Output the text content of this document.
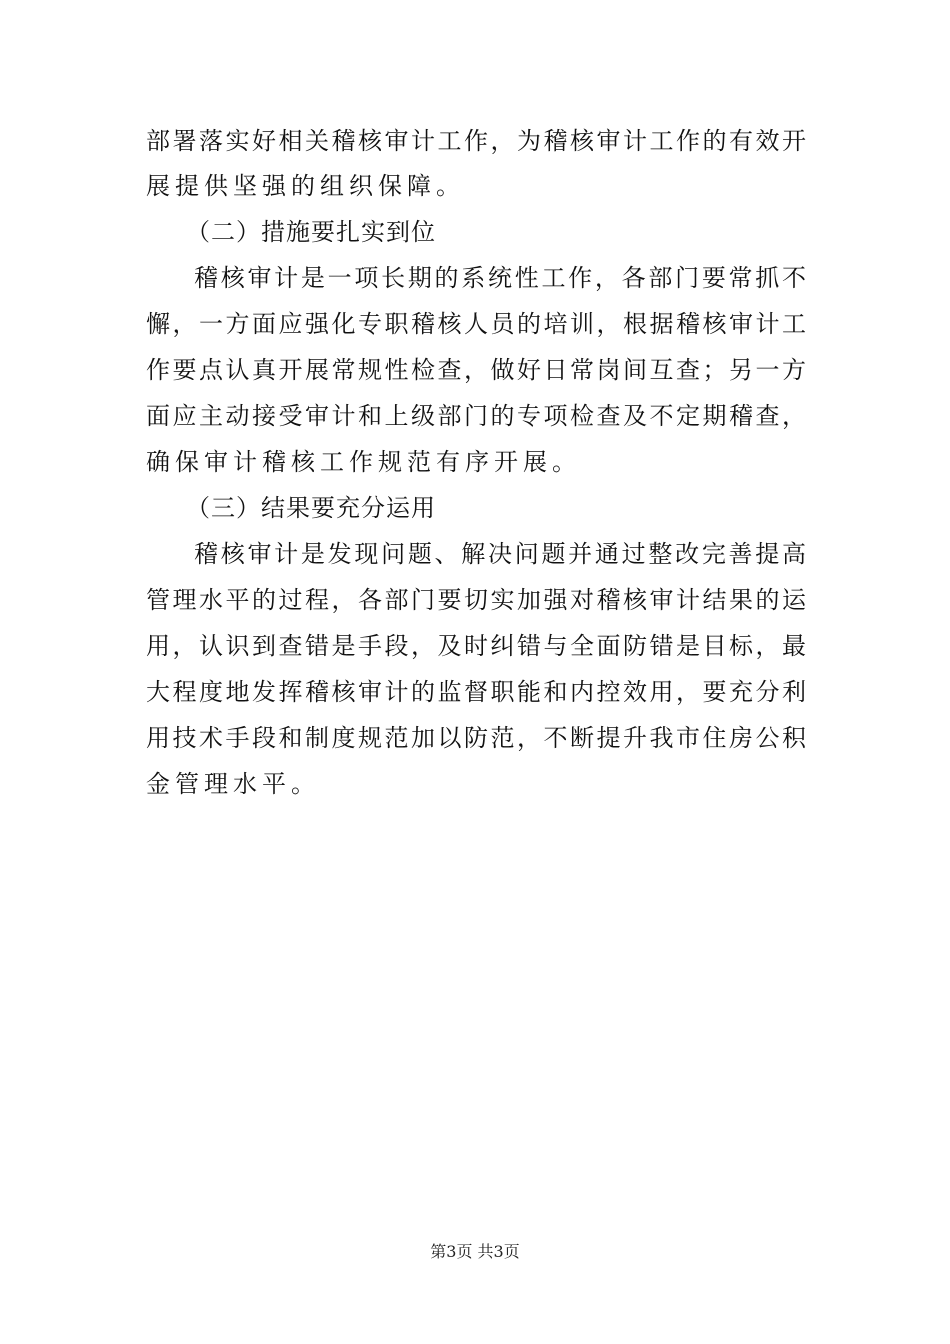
部署落实好相关稽核审计工作，为稽核审计工作的有效开
展提供坚强的组织保障。
（二）措施要扎实到位
稽核审计是一项长期的系统性工作，各部门要常抓不
懈，一方面应强化专职稽核人员的培训，根据稽核审计工
作要点认真开展常规性检查，做好日常岗间互查；另一方
面应主动接受审计和上级部门的专项检查及不定期稽查，
确保审计稽核工作规范有序开展。
（三）结果要充分运用
稽核审计是发现问题、解决问题并通过整改完善提高
管理水平的过程，各部门要切实加强对稽核审计结果的运
用，认识到查错是手段，及时纠错与全面防错是目标，最
大程度地发挥稽核审计的监督职能和内控效用，要充分利
用技术手段和制度规范加以防范，不断提升我市住房公积
金管理水平。
第3页 共3页
